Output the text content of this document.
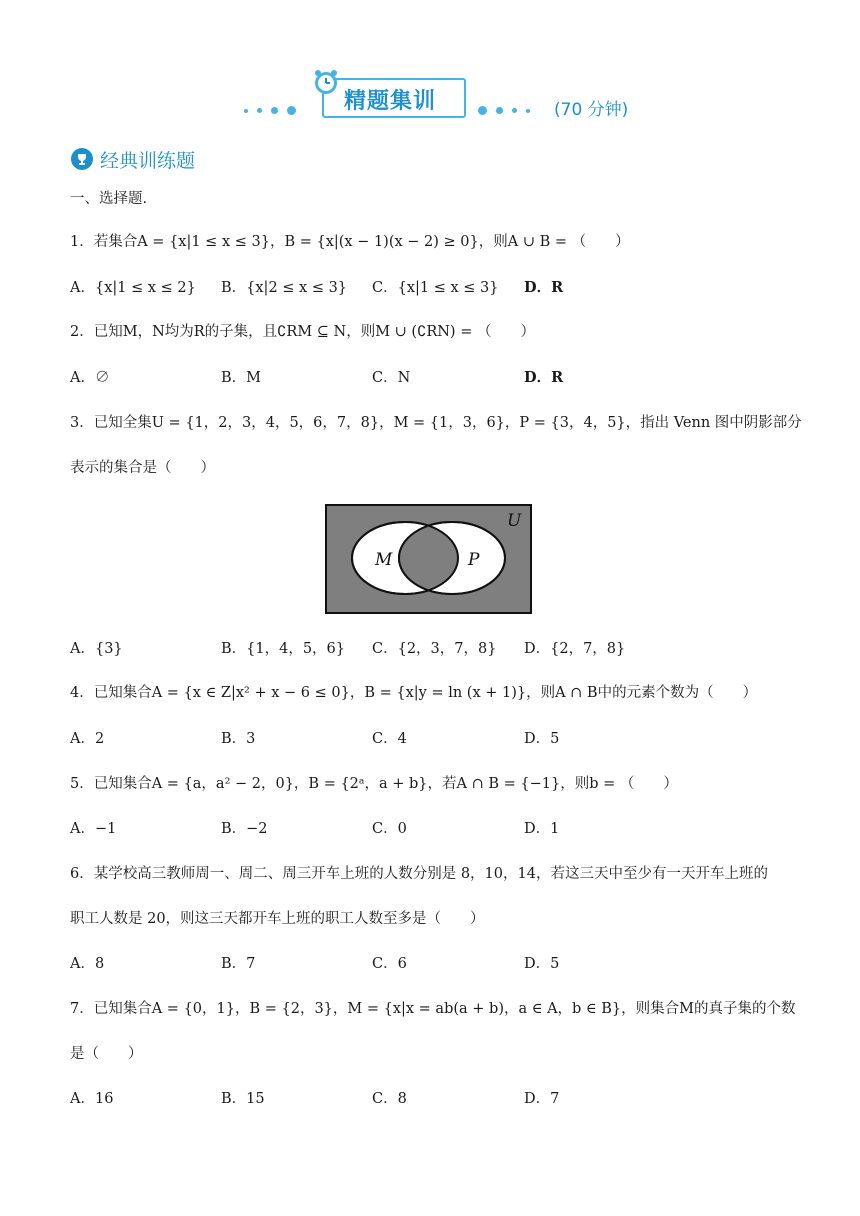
精题集训	(70 分钟)
经典训练题
一、选择题.
1．若集合A = {x|1 ≤ x ≤ 3}，B = {x|(x − 1)(x − 2) ≥ 0}，则A ∪ B = （　　）
A．{x|1 ≤ x ≤ 2} B．{x|2 ≤ x ≤ 3} C．{x|1 ≤ x ≤ 3} D．R
2．已知M，N均为R的子集，且∁RM ⊆ N，则M ∪ (∁RN) = （　　）
A．∅	B．M	C．N	D．R
3．已知全集U = {1，2，3，4，5，6，7，8}，M = {1，3，6}，P = {3，4，5}，指出 Venn 图中阴影部分
表示的集合是（　　）
U
M	P
A．{3}	B．{1，4，5，6} C．{2，3，7，8} D．{2，7，8}
4．已知集合A = {x ∈ Z|x² + x − 6 ≤ 0}，B = {x|y = ln (x + 1)}，则A ∩ B中的元素个数为（　　）
A．2	B．3	C．4	D．5
5．已知集合A = {a，a² − 2，0}，B = {2ᵃ，a + b}，若A ∩ B = {−1}，则b = （　　）
A．−1	B．−2	C．0	D．1
6．某学校高三教师周一、周二、周三开车上班的人数分别是 8，10，14，若这三天中至少有一天开车上班的
职工人数是 20，则这三天都开车上班的职工人数至多是（　　）
A．8	B．7	C．6	D．5
7．已知集合A = {0，1}，B = {2，3}，M = {x|x = ab(a + b)，a ∈ A，b ∈ B}，则集合M的真子集的个数
是（　　）
A．16	B．15	C．8	D．7
